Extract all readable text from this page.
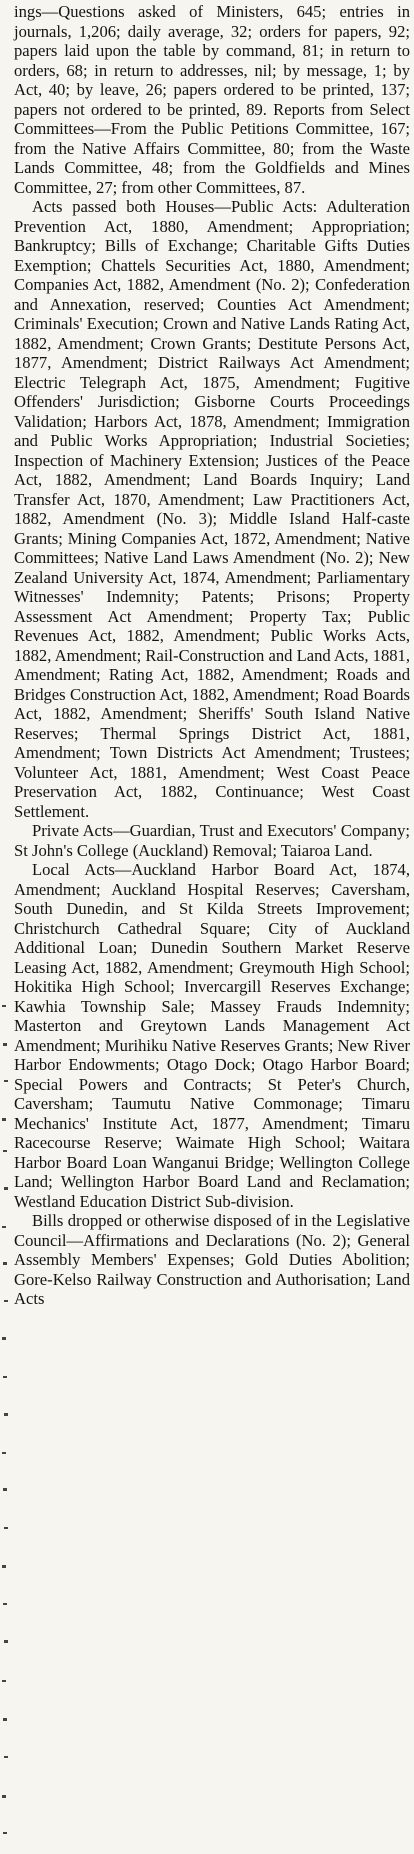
ings—Questions asked of Ministers, 645; entries in journals, 1,206; daily average, 32; orders for papers, 92; papers laid upon the table by command, 81; in return to orders, 68; in return to addresses, nil; by message, 1; by Act, 40; by leave, 26; papers ordered to be printed, 137; papers not ordered to be printed, 89. Reports from Select Committees—From the Public Petitions Committee, 167; from the Native Affairs Committee, 80; from the Waste Lands Committee, 48; from the Goldfields and Mines Committee, 27; from other Committees, 87.

Acts passed both Houses—Public Acts: Adulteration Prevention Act, 1880, Amendment; Appropriation; Bankruptcy; Bills of Exchange; Charitable Gifts Duties Exemption; Chattels Securities Act, 1880, Amendment; Companies Act, 1882, Amendment (No. 2); Confederation and Annexation, reserved; Counties Act Amendment; Criminals' Execution; Crown and Native Lands Rating Act, 1882, Amendment; Crown Grants; Destitute Persons Act, 1877, Amendment; District Railways Act Amendment; Electric Telegraph Act, 1875, Amendment; Fugitive Offenders' Jurisdiction; Gisborne Courts Proceedings Validation; Harbors Act, 1878, Amendment; Immigration and Public Works Appropriation; Industrial Societies; Inspection of Machinery Extension; Justices of the Peace Act, 1882, Amendment; Land Boards Inquiry; Land Transfer Act, 1870, Amendment; Law Practitioners Act, 1882, Amendment (No. 3); Middle Island Half-caste Grants; Mining Companies Act, 1872, Amendment; Native Committees; Native Land Laws Amendment (No. 2); New Zealand University Act, 1874, Amendment; Parliamentary Witnesses' Indemnity; Patents; Prisons; Property Assessment Act Amendment; Property Tax; Public Revenues Act, 1882, Amendment; Public Works Acts, 1882, Amendment; Rail-Construction and Land Acts, 1881, Amendment; Rating Act, 1882, Amendment; Roads and Bridges Construction Act, 1882, Amendment; Road Boards Act, 1882, Amendment; Sheriffs' South Island Native Reserves; Thermal Springs District Act, 1881, Amendment; Town Districts Act Amendment; Trustees; Volunteer Act, 1881, Amendment; West Coast Peace Preservation Act, 1882, Continuance; West Coast Settlement.

Private Acts—Guardian, Trust and Executors' Company; St John's College (Auckland) Removal; Taiaroa Land.

Local Acts—Auckland Harbor Board Act, 1874, Amendment; Auckland Hospital Reserves; Caversham, South Dunedin, and St Kilda Streets Improvement; Christchurch Cathedral Square; City of Auckland Additional Loan; Dunedin Southern Market Reserve Leasing Act, 1882, Amendment; Greymouth High School; Hokitika High School; Invercargill Reserves Exchange; Kawhia Township Sale; Massey Frauds Indemnity; Masterton and Greytown Lands Management Act Amendment; Murihiku Native Reserves Grants; New River Harbor Endowments; Otago Dock; Otago Harbor Board; Special Powers and Contracts; St Peter's Church, Caversham; Taumutu Native Commonage; Timaru Mechanics' Institute Act, 1877, Amendment; Timaru Racecourse Reserve; Waimate High School; Waitara Harbor Board Loan Wanganui Bridge; Wellington College Land; Wellington Harbor Board Land and Reclamation; Westland Education District Sub-division.

Bills dropped or otherwise disposed of in the Legislative Council—Affirmations and Declarations (No. 2); General Assembly Members' Expenses; Gold Duties Abolition; Gore-Kelso Railway Construction and Authorisation; Land Acts
